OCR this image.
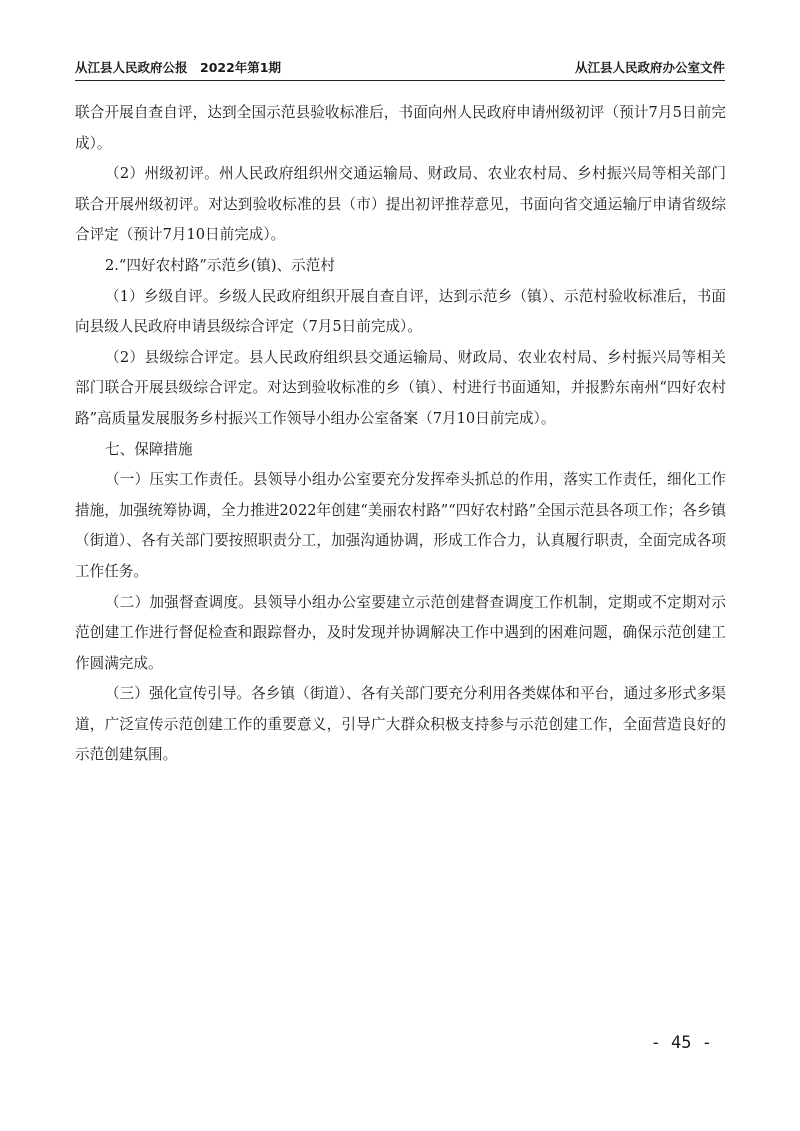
从江县人民政府公报　2022年第1期	从江县人民政府办公室文件

联合开展自查自评，达到全国示范县验收标准后，书面向州人民政府申请州级初评（预计7月5日前完成）。

（2）州级初评。州人民政府组织州交通运输局、财政局、农业农村局、乡村振兴局等相关部门联合开展州级初评。对达到验收标准的县（市）提出初评推荐意见，书面向省交通运输厅申请省级综合评定（预计7月10日前完成）。

2.“四好农村路”示范乡(镇)、示范村

（1）乡级自评。乡级人民政府组织开展自查自评，达到示范乡（镇）、示范村验收标准后，书面向县级人民政府申请县级综合评定（7月5日前完成）。

（2）县级综合评定。县人民政府组织县交通运输局、财政局、农业农村局、乡村振兴局等相关部门联合开展县级综合评定。对达到验收标准的乡（镇）、村进行书面通知，并报黔东南州“四好农村路”高质量发展服务乡村振兴工作领导小组办公室备案（7月10日前完成）。

七、保障措施

（一）压实工作责任。县领导小组办公室要充分发挥牵头抓总的作用，落实工作责任，细化工作措施，加强统筹协调，全力推进2022年创建“美丽农村路”“四好农村路”全国示范县各项工作；各乡镇（街道）、各有关部门要按照职责分工，加强沟通协调，形成工作合力，认真履行职责，全面完成各项工作任务。

（二）加强督查调度。县领导小组办公室要建立示范创建督查调度工作机制，定期或不定期对示范创建工作进行督促检查和跟踪督办，及时发现并协调解决工作中遇到的困难问题，确保示范创建工作圆满完成。

（三）强化宣传引导。各乡镇（街道）、各有关部门要充分利用各类媒体和平台，通过多形式多渠道，广泛宣传示范创建工作的重要意义，引导广大群众积极支持参与示范创建工作，全面营造良好的示范创建氛围。

- 45 -
